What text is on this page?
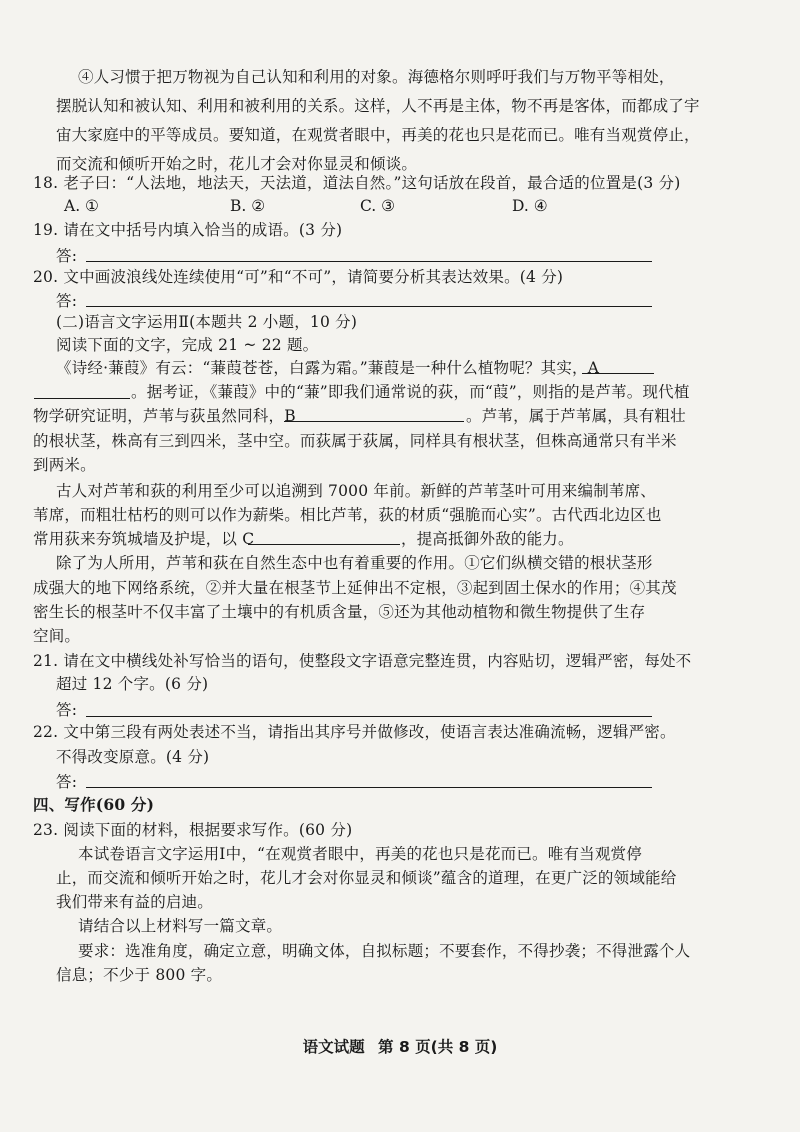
④人习惯于把万物视为自己认知和利用的对象。海德格尔则呼吁我们与万物平等相处，
摆脱认知和被认知、利用和被利用的关系。这样，人不再是主体，物不再是客体，而都成了宇
宙大家庭中的平等成员。要知道，在观赏者眼中，再美的花也只是花而已。唯有当观赏停止，
而交流和倾听开始之时，花儿才会对你显灵和倾谈。
18. 老子曰：“人法地，地法天，天法道，道法自然。”这句话放在段首，最合适的位置是(3 分)
A. ①	B. ②	C. ③	D. ④
19. 请在文中括号内填入恰当的成语。(3 分)
答:
20. 文中画波浪线处连续使用“可”和“不可”，请简要分析其表达效果。(4 分)
答:
(二)语言文字运用Ⅱ(本题共 2 小题，10 分)
阅读下面的文字，完成 21 ~ 22 题。
《诗经·蒹葭》有云：“蒹葭苍苍，白露为霜。”蒹葭是一种什么植物呢？其实，A
。据考证，《蒹葭》中的“蒹”即我们通常说的荻，而“葭”，则指的是芦苇。现代植
物学研究证明，芦苇与荻虽然同科，B	。芦苇，属于芦苇属，具有粗壮
的根状茎，株高有三到四米，茎中空。而荻属于荻属，同样具有根状茎，但株高通常只有半米
到两米。
古人对芦苇和荻的利用至少可以追溯到 7000 年前。新鲜的芦苇茎叶可用来编制苇席、
苇席，而粗壮枯朽的则可以作为薪柴。相比芦苇，荻的材质“强脆而心实”。古代西北边区也
常用荻来夯筑城墙及护堤，以 C	，提高抵御外敌的能力。
除了为人所用，芦苇和荻在自然生态中也有着重要的作用。①它们纵横交错的根状茎形
成强大的地下网络系统，②并大量在根茎节上延伸出不定根，③起到固土保水的作用；④其茂
密生长的根茎叶不仅丰富了土壤中的有机质含量，⑤还为其他动植物和微生物提供了生存
空间。
21. 请在文中横线处补写恰当的语句，使整段文字语意完整连贯，内容贴切，逻辑严密，每处不
超过 12 个字。(6 分)
答:
22. 文中第三段有两处表述不当，请指出其序号并做修改，使语言表达准确流畅，逻辑严密。
不得改变原意。(4 分)
答:
四、写作(60 分)
23. 阅读下面的材料，根据要求写作。(60 分)
本试卷语言文字运用Ⅰ中，“在观赏者眼中，再美的花也只是花而已。唯有当观赏停
止，而交流和倾听开始之时，花儿才会对你显灵和倾谈”蕴含的道理，在更广泛的领域能给
我们带来有益的启迪。
请结合以上材料写一篇文章。
要求：选准角度，确定立意，明确文体，自拟标题；不要套作，不得抄袭；不得泄露个人
信息；不少于 800 字。
语文试题 第 8 页(共 8 页)
